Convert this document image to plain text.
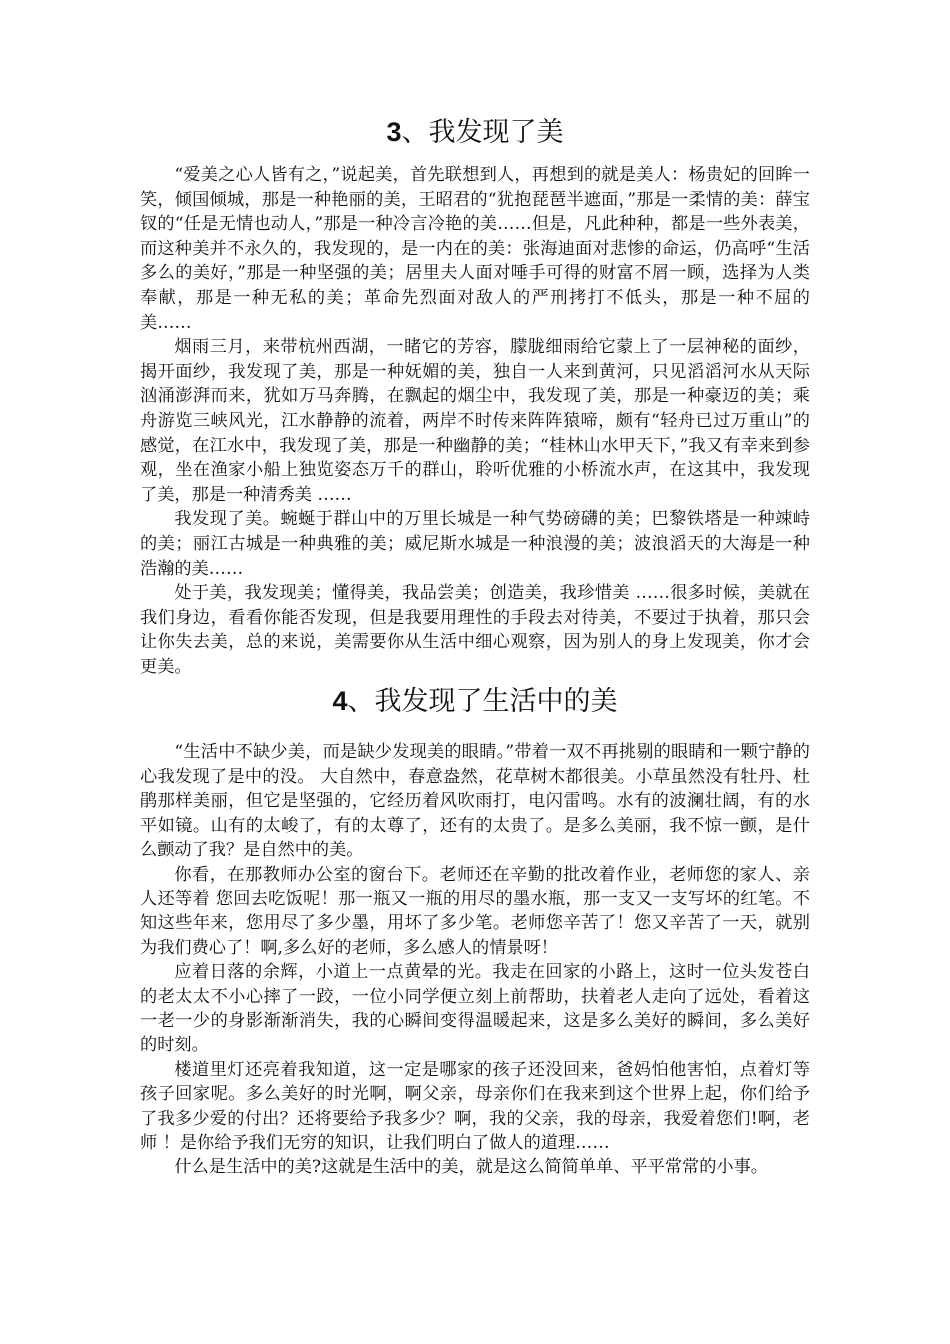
3、我发现了美

“爱美之心人皆有之，”说起美，首先联想到人，再想到的就是美人：杨贵妃的回眸一笑，倾国倾城，那是一种艳丽的美，王昭君的“犹抱琵琶半遮面，”那是一柔情的美：薛宝钗的“任是无情也动人，”那是一种冷言冷艳的美……但是，凡此种种，都是一些外表美，而这种美并不永久的，我发现的，是一内在的美：张海迪面对悲惨的命运，仍高呼“生活多么的美好，”那是一种坚强的美；居里夫人面对唾手可得的财富不屑一顾，选择为人类奉献，那是一种无私的美；革命先烈面对敌人的严刑拷打不低头，那是一种不屈的美……

烟雨三月，来带杭州西湖，一睹它的芳容，朦胧细雨给它蒙上了一层神秘的面纱，揭开面纱，我发现了美，那是一种妩媚的美，独自一人来到黄河，只见滔滔河水从天际汹涌澎湃而来，犹如万马奔腾，在飘起的烟尘中，我发现了美，那是一种豪迈的美；乘舟游览三峡风光，江水静静的流着，两岸不时传来阵阵猿啼，颇有“轻舟已过万重山”的感觉，在江水中，我发现了美，那是一种幽静的美；“桂林山水甲天下，”我又有幸来到参观，坐在渔家小船上独览姿态万千的群山，聆听优雅的小桥流水声，在这其中，我发现了美，那是一种清秀美 ……

我发现了美。蜿蜒于群山中的万里长城是一种气势磅礴的美；巴黎铁塔是一种竦峙的美；丽江古城是一种典雅的美；威尼斯水城是一种浪漫的美；波浪滔天的大海是一种浩瀚的美……

处于美，我发现美；懂得美，我品尝美；创造美，我珍惜美 ……很多时候，美就在我们身边，看看你能否发现，但是我要用理性的手段去对待美，不要过于执着，那只会让你失去美，总的来说，美需要你从生活中细心观察，因为别人的身上发现美，你才会更美。

4、我发现了生活中的美

“生活中不缺少美，而是缺少发现美的眼睛。”带着一双不再挑剔的眼睛和一颗宁静的心我发现了是中的没。 大自然中，春意盎然，花草树木都很美。小草虽然没有牡丹、杜鹃那样美丽，但它是坚强的，它经历着风吹雨打，电闪雷鸣。水有的波澜壮阔，有的水平如镜。山有的太峻了，有的太尊了，还有的太贵了。是多么美丽，我不惊一颤，是什么颤动了我？是自然中的美。

你看，在那教师办公室的窗台下。老师还在辛勤的批改着作业，老师您的家人、亲人还等着 您回去吃饭呢！那一瓶又一瓶的用尽的墨水瓶，那一支又一支写坏的红笔。不知这些年来，您用尽了多少墨，用坏了多少笔。老师您辛苦了！您又辛苦了一天，就别为我们费心了！啊,多么好的老师，多么感人的情景呀！

应着日落的余辉，小道上一点黄晕的光。我走在回家的小路上，这时一位头发苍白的老太太不小心摔了一跤，一位小同学便立刻上前帮助，扶着老人走向了远处，看着这一老一少的身影渐渐消失，我的心瞬间变得温暖起来，这是多么美好的瞬间，多么美好的时刻。

楼道里灯还亮着我知道，这一定是哪家的孩子还没回来，爸妈怕他害怕，点着灯等孩子回家呢。多么美好的时光啊，啊父亲，母亲你们在我来到这个世界上起，你们给予了我多少爱的付出？还将要给予我多少？啊，我的父亲，我的母亲，我爱着您们!啊，老师 ！是你给予我们无穷的知识，让我们明白了做人的道理……

什么是生活中的美?这就是生活中的美，就是这么简简单单、平平常常的小事。
